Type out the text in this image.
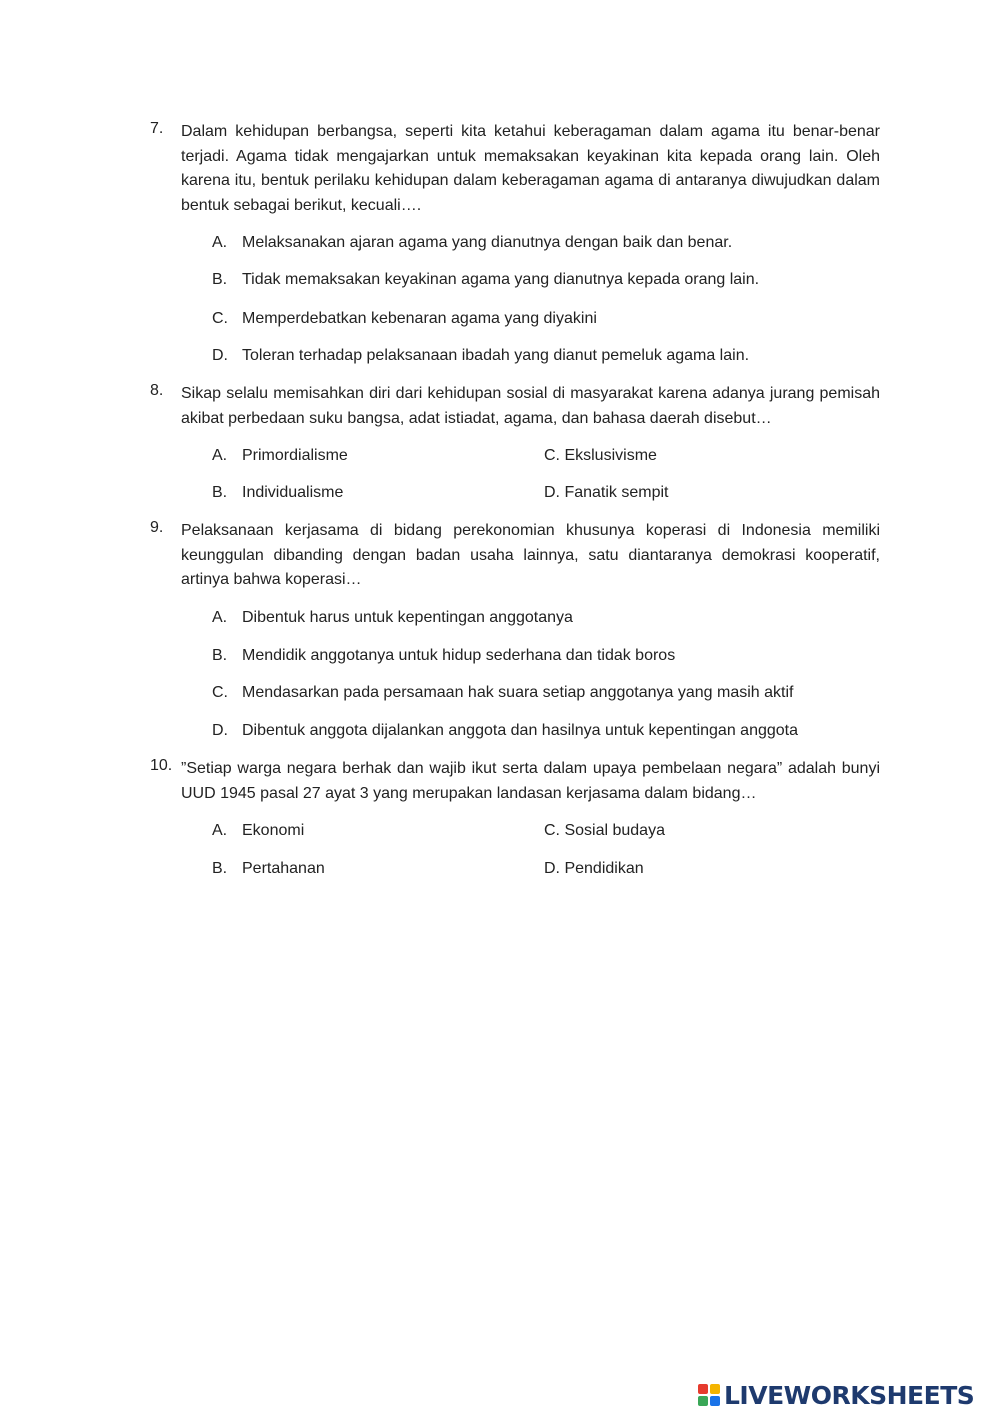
7. Dalam kehidupan berbangsa, seperti kita ketahui keberagaman dalam agama itu benar-benar terjadi. Agama tidak mengajarkan untuk memaksakan keyakinan kita kepada orang lain. Oleh karena itu, bentuk perilaku kehidupan dalam keberagaman agama di antaranya diwujudkan dalam bentuk sebagai berikut, kecuali….
A. Melaksanakan ajaran agama yang dianutnya dengan baik dan benar.
B. Tidak memaksakan keyakinan agama yang dianutnya kepada orang lain.
C. Memperdebatkan kebenaran agama yang diyakini
D. Toleran terhadap pelaksanaan ibadah yang dianut pemeluk agama lain.
8. Sikap selalu memisahkan diri dari kehidupan sosial di masyarakat karena adanya jurang pemisah akibat perbedaan suku bangsa, adat istiadat, agama, dan bahasa daerah disebut…
A. Primordialisme	C. Ekslusivisme
B. Individualisme	D. Fanatik sempit
9. Pelaksanaan kerjasama di bidang perekonomian khusunya koperasi di Indonesia memiliki keunggulan dibanding dengan badan usaha lainnya, satu diantaranya demokrasi kooperatif, artinya bahwa koperasi…
A. Dibentuk harus untuk kepentingan anggotanya
B. Mendidik anggotanya untuk hidup sederhana dan tidak boros
C. Mendasarkan pada persamaan hak suara setiap anggotanya yang masih aktif
D. Dibentuk anggota dijalankan anggota dan hasilnya untuk kepentingan anggota
10. ”Setiap warga negara berhak dan wajib ikut serta dalam upaya pembelaan negara” adalah bunyi UUD 1945 pasal 27 ayat 3 yang merupakan landasan kerjasama dalam bidang…
A. Ekonomi	C. Sosial budaya
B. Pertahanan	D. Pendidikan
LIVEWORKSHEETS
